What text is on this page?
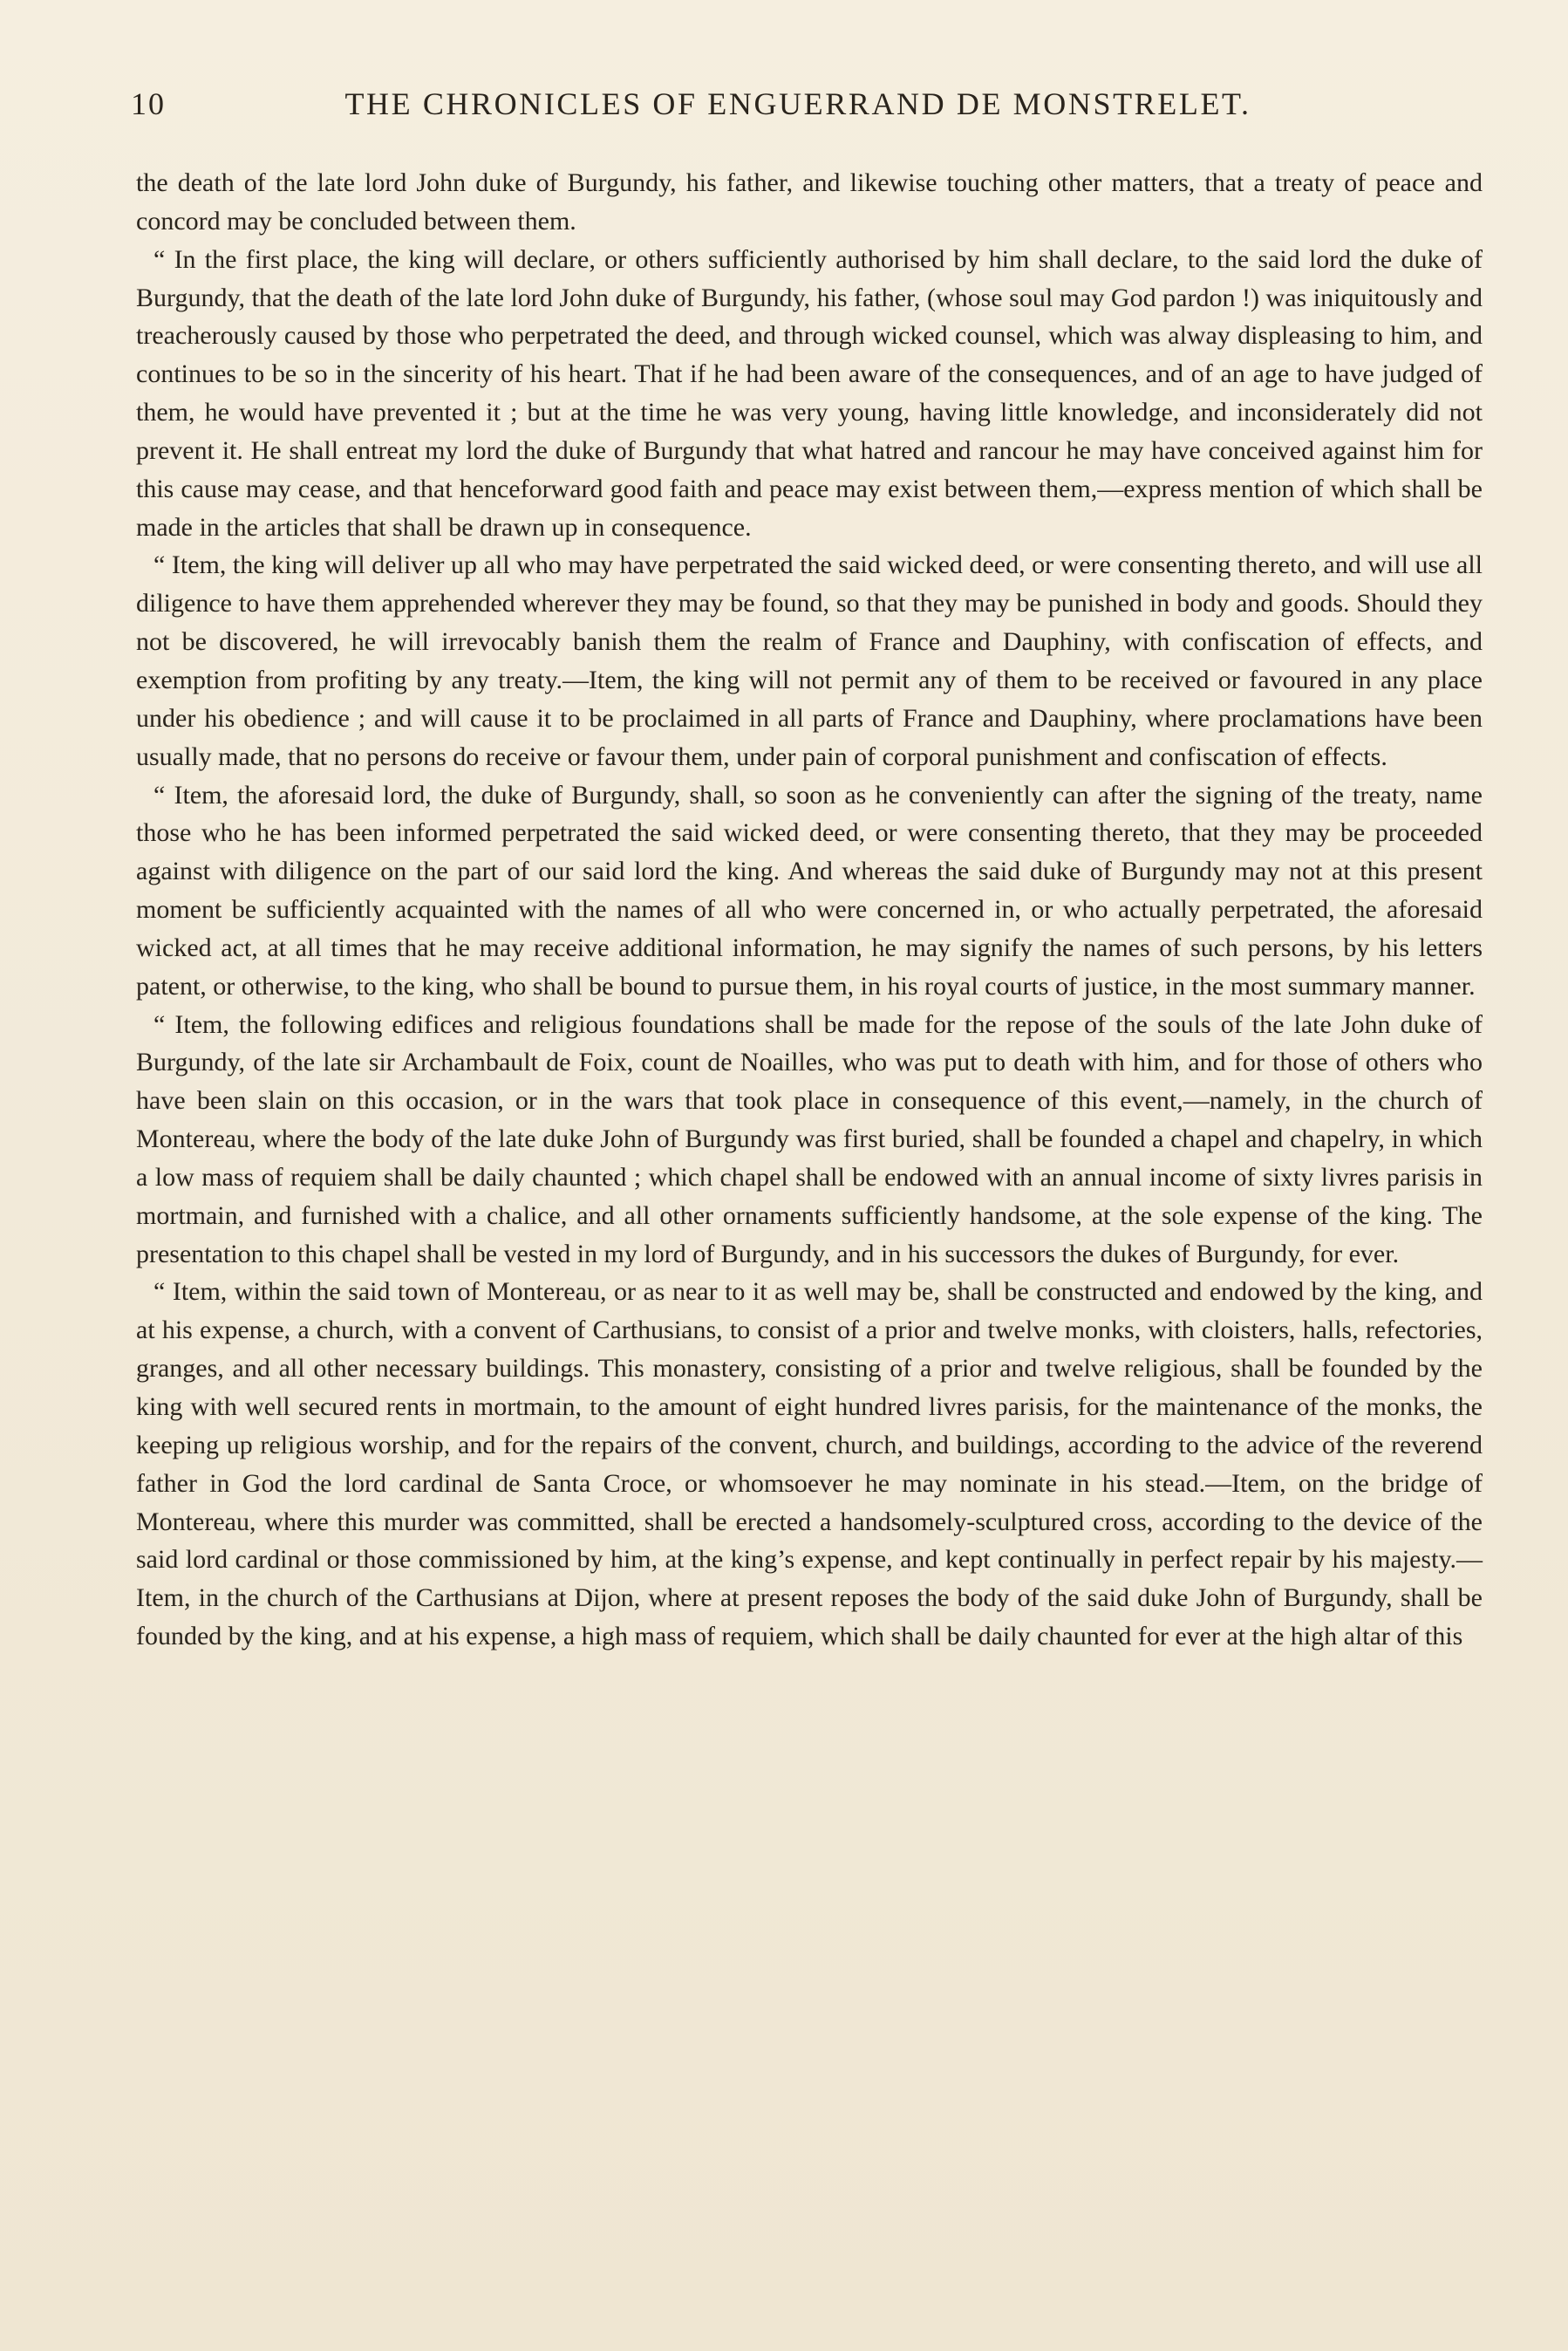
10	THE CHRONICLES OF ENGUERRAND DE MONSTRELET.

the death of the late lord John duke of Burgundy, his father, and likewise touching other matters, that a treaty of peace and concord may be concluded between them.

“ In the first place, the king will declare, or others sufficiently authorised by him shall declare, to the said lord the duke of Burgundy, that the death of the late lord John duke of Burgundy, his father, (whose soul may God pardon !) was iniquitously and treacherously caused by those who perpetrated the deed, and through wicked counsel, which was alway displeasing to him, and continues to be so in the sincerity of his heart. That if he had been aware of the consequences, and of an age to have judged of them, he would have prevented it ; but at the time he was very young, having little knowledge, and inconsiderately did not prevent it. He shall entreat my lord the duke of Burgundy that what hatred and rancour he may have conceived against him for this cause may cease, and that henceforward good faith and peace may exist between them,—express mention of which shall be made in the articles that shall be drawn up in consequence.

“ Item, the king will deliver up all who may have perpetrated the said wicked deed, or were consenting thereto, and will use all diligence to have them apprehended wherever they may be found, so that they may be punished in body and goods. Should they not be discovered, he will irrevocably banish them the realm of France and Dauphiny, with confiscation of effects, and exemption from profiting by any treaty.—Item, the king will not permit any of them to be received or favoured in any place under his obedience ; and will cause it to be proclaimed in all parts of France and Dauphiny, where proclamations have been usually made, that no persons do receive or favour them, under pain of corporal punishment and confiscation of effects.

“ Item, the aforesaid lord, the duke of Burgundy, shall, so soon as he conveniently can after the signing of the treaty, name those who he has been informed perpetrated the said wicked deed, or were consenting thereto, that they may be proceeded against with diligence on the part of our said lord the king. And whereas the said duke of Burgundy may not at this present moment be sufficiently acquainted with the names of all who were concerned in, or who actually perpetrated, the aforesaid wicked act, at all times that he may receive additional information, he may signify the names of such persons, by his letters patent, or otherwise, to the king, who shall be bound to pursue them, in his royal courts of justice, in the most summary manner.

“ Item, the following edifices and religious foundations shall be made for the repose of the souls of the late John duke of Burgundy, of the late sir Archambault de Foix, count de Noailles, who was put to death with him, and for those of others who have been slain on this occasion, or in the wars that took place in consequence of this event,—namely, in the church of Montereau, where the body of the late duke John of Burgundy was first buried, shall be founded a chapel and chapelry, in which a low mass of requiem shall be daily chaunted ; which chapel shall be endowed with an annual income of sixty livres parisis in mortmain, and furnished with a chalice, and all other ornaments sufficiently handsome, at the sole expense of the king. The presentation to this chapel shall be vested in my lord of Burgundy, and in his successors the dukes of Burgundy, for ever.

“ Item, within the said town of Montereau, or as near to it as well may be, shall be constructed and endowed by the king, and at his expense, a church, with a convent of Carthusians, to consist of a prior and twelve monks, with cloisters, halls, refectories, granges, and all other necessary buildings. This monastery, consisting of a prior and twelve religious, shall be founded by the king with well secured rents in mortmain, to the amount of eight hundred livres parisis, for the maintenance of the monks, the keeping up religious worship, and for the repairs of the convent, church, and buildings, according to the advice of the reverend father in God the lord cardinal de Santa Croce, or whomsoever he may nominate in his stead.—Item, on the bridge of Montereau, where this murder was committed, shall be erected a handsomely-sculptured cross, according to the device of the said lord cardinal or those commissioned by him, at the king’s expense, and kept continually in perfect repair by his majesty.—Item, in the church of the Carthusians at Dijon, where at present reposes the body of the said duke John of Burgundy, shall be founded by the king, and at his expense, a high mass of requiem, which shall be daily chaunted for ever at the high altar of this
